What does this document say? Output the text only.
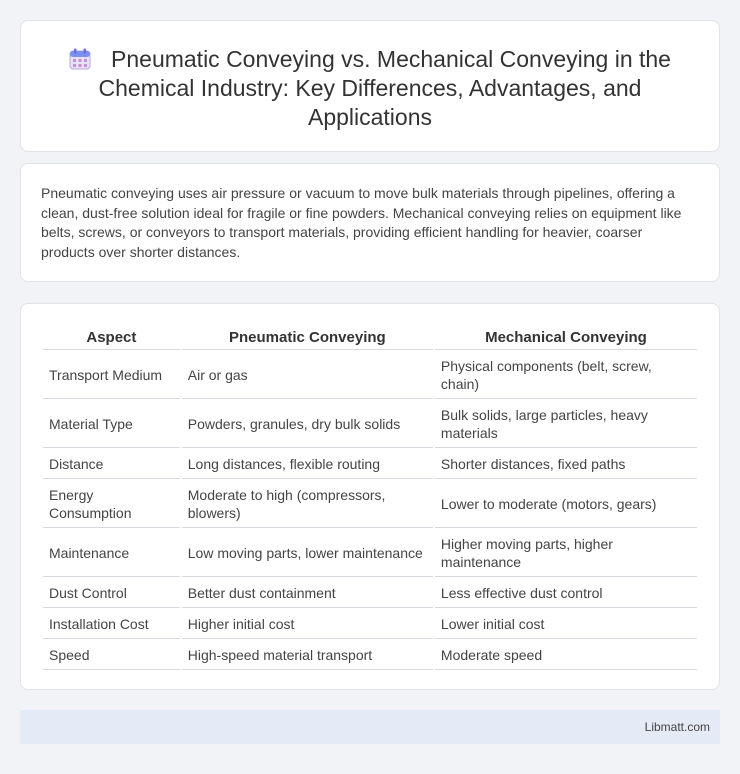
Pneumatic Conveying vs. Mechanical Conveying in the Chemical Industry: Key Differences, Advantages, and Applications

Pneumatic conveying uses air pressure or vacuum to move bulk materials through pipelines, offering a clean, dust-free solution ideal for fragile or fine powders. Mechanical conveying relies on equipment like belts, screws, or conveyors to transport materials, providing efficient handling for heavier, coarser products over shorter distances.

Aspect	Pneumatic Conveying	Mechanical Conveying
Transport Medium	Air or gas	Physical components (belt, screw, chain)
Material Type	Powders, granules, dry bulk solids	Bulk solids, large particles, heavy materials
Distance	Long distances, flexible routing	Shorter distances, fixed paths
Energy Consumption	Moderate to high (compressors, blowers)	Lower to moderate (motors, gears)
Maintenance	Low moving parts, lower maintenance	Higher moving parts, higher maintenance
Dust Control	Better dust containment	Less effective dust control
Installation Cost	Higher initial cost	Lower initial cost
Speed	High-speed material transport	Moderate speed
Libmatt.com
